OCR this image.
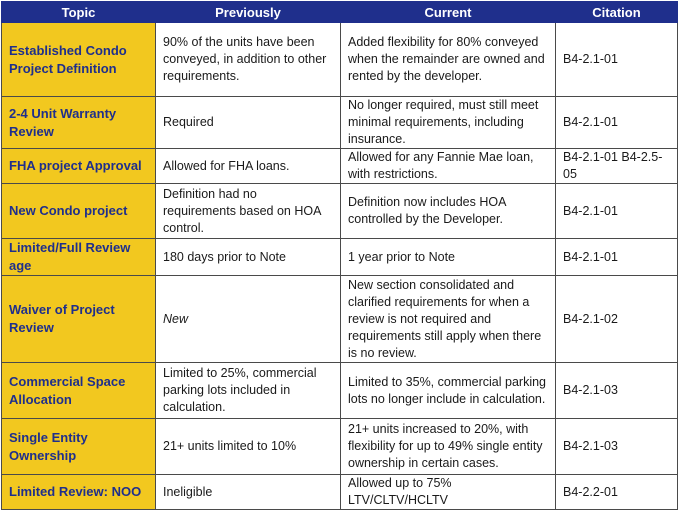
Topic	Previously	Current	Citation
Established Condo Project Definition	90% of the units have been conveyed, in addition to other requirements.	Added flexibility for 80% conveyed when the remainder are owned and rented by the developer.	B4-2.1-01
2-4 Unit Warranty Review	Required	No longer required, must still meet minimal requirements, including insurance.	B4-2.1-01
FHA project Approval	Allowed for FHA loans.	Allowed for any Fannie Mae loan, with restrictions.	B4-2.1-01 B4-2.5-05
New Condo project	Definition had no requirements based on HOA control.	Definition now includes HOA controlled by the Developer.	B4-2.1-01
Limited/Full Review age	180 days prior to Note	1 year prior to Note	B4-2.1-01
Waiver of Project Review	New	New section consolidated and clarified requirements for when a review is not required and requirements still apply when there is no review.	B4-2.1-02
Commercial Space Allocation	Limited to 25%, commercial parking lots included in calculation.	Limited to 35%, commercial parking lots no longer include in calculation.	B4-2.1-03
Single Entity Ownership	21+ units limited to 10%	21+ units increased to 20%, with flexibility for up to 49% single entity ownership in certain cases.	B4-2.1-03
Limited Review: NOO	Ineligible	Allowed up to 75% LTV/CLTV/HCLTV	B4-2.2-01
